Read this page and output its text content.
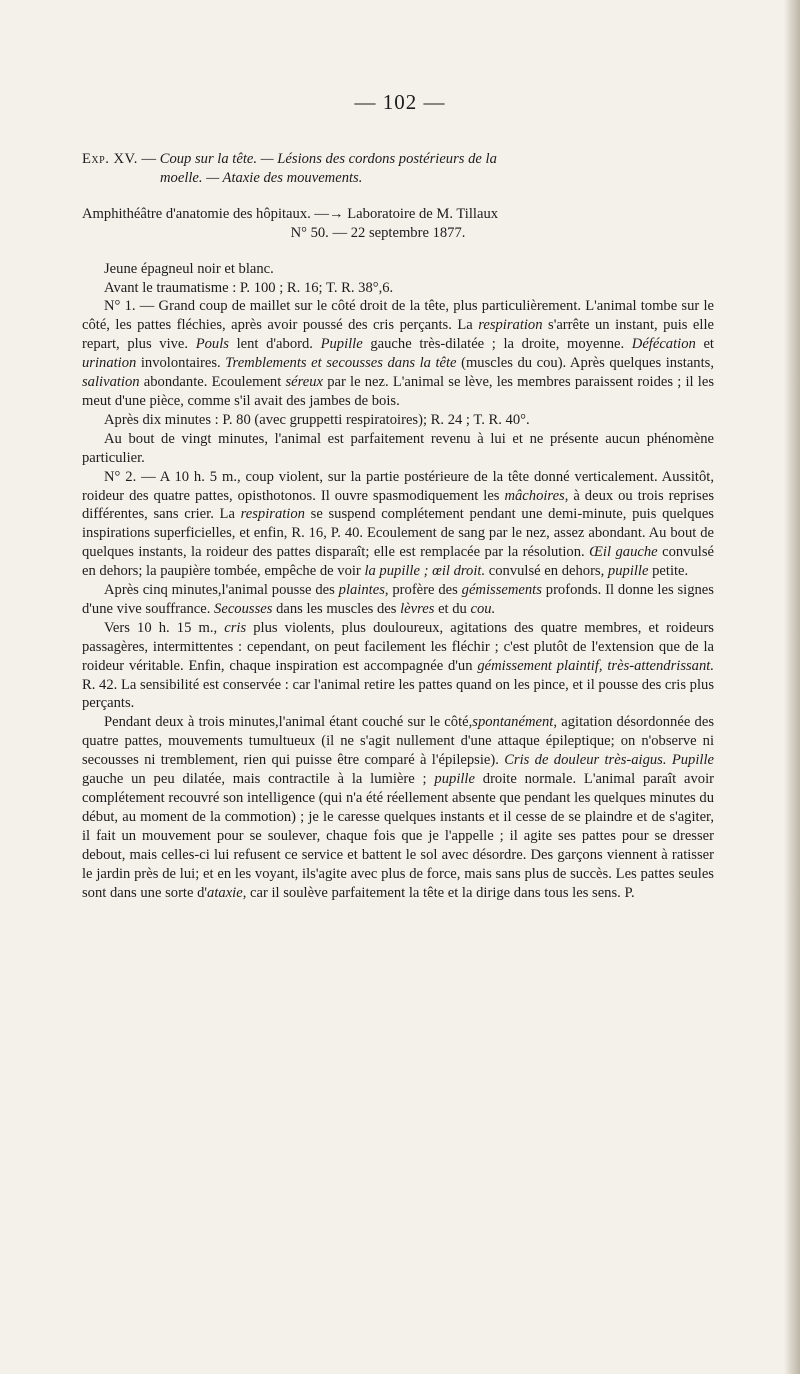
— 102 —

Exp. XV. — Coup sur la tête. — Lésions des cordons postérieurs de la

moelle. — Ataxie des mouvements.

Amphithéâtre d'anatomie des hôpitaux. —→ Laboratoire de M. Tillaux

N° 50. — 22 septembre 1877.

Jeune épagneul noir et blanc.

Avant le traumatisme : P. 100 ; R. 16; T. R. 38°,6.

N° 1. — Grand coup de maillet sur le côté droit de la tête, plus particulièrement. L'animal tombe sur le côté, les pattes fléchies, après avoir poussé des cris perçants. La respiration s'arrête un instant, puis elle repart, plus vive. Pouls lent d'abord. Pupille gauche très-dilatée ; la droite, moyenne. Défécation et urination involontaires. Tremblements et secousses dans la tête (muscles du cou). Après quelques instants, salivation abondante. Ecoulement séreux par le nez. L'animal se lève, les membres paraissent roides ; il les meut d'une pièce, comme s'il avait des jambes de bois.

Après dix minutes : P. 80 (avec gruppetti respiratoires); R. 24 ; T. R. 40°.

Au bout de vingt minutes, l'animal est parfaitement revenu à lui et ne présente aucun phénomène particulier.

N° 2. — A 10 h. 5 m., coup violent, sur la partie postérieure de la tête donné verticalement. Aussitôt, roideur des quatre pattes, opisthotonos. Il ouvre spasmodiquement les mâchoires, à deux ou trois reprises différentes, sans crier. La respiration se suspend complétement pendant une demi-minute, puis quelques inspirations superficielles, et enfin, R. 16, P. 40. Ecoulement de sang par le nez, assez abondant. Au bout de quelques instants, la roideur des pattes disparaît; elle est remplacée par la résolution. Œil gauche convulsé en dehors; la paupière tombée, empêche de voir la pupille ; œil droit. convulsé en dehors, pupille petite.

Après cinq minutes,l'animal pousse des plaintes, profère des gémissements profonds. Il donne les signes d'une vive souffrance. Secousses dans les muscles des lèvres et du cou.

Vers 10 h. 15 m., cris plus violents, plus douloureux, agitations des quatre membres, et roideurs passagères, intermittentes : cependant, on peut facilement les fléchir ; c'est plutôt de l'extension que de la roideur véritable. Enfin, chaque inspiration est accompagnée d'un gémissement plaintif, très-attendrissant. R. 42. La sensibilité est conservée : car l'animal retire les pattes quand on les pince, et il pousse des cris plus perçants.

Pendant deux à trois minutes,l'animal étant couché sur le côté,spontanément, agitation désordonnée des quatre pattes, mouvements tumultueux (il ne s'agit nullement d'une attaque épileptique; on n'observe ni secousses ni tremblement, rien qui puisse être comparé à l'épilepsie). Cris de douleur très-aigus. Pupille gauche un peu dilatée, mais contractile à la lumière ; pupille droite normale. L'animal paraît avoir complétement recouvré son intelligence (qui n'a été réellement absente que pendant les quelques minutes du début, au moment de la commotion) ; je le caresse quelques instants et il cesse de se plaindre et de s'agiter, il fait un mouvement pour se soulever, chaque fois que je l'appelle ; il agite ses pattes pour se dresser debout, mais celles-ci lui refusent ce service et battent le sol avec désordre. Des garçons viennent à ratisser le jardin près de lui; et en les voyant, ils'agite avec plus de force, mais sans plus de succès. Les pattes seules sont dans une sorte d'ataxie, car il soulève parfaitement la tête et la dirige dans tous les sens. P.
